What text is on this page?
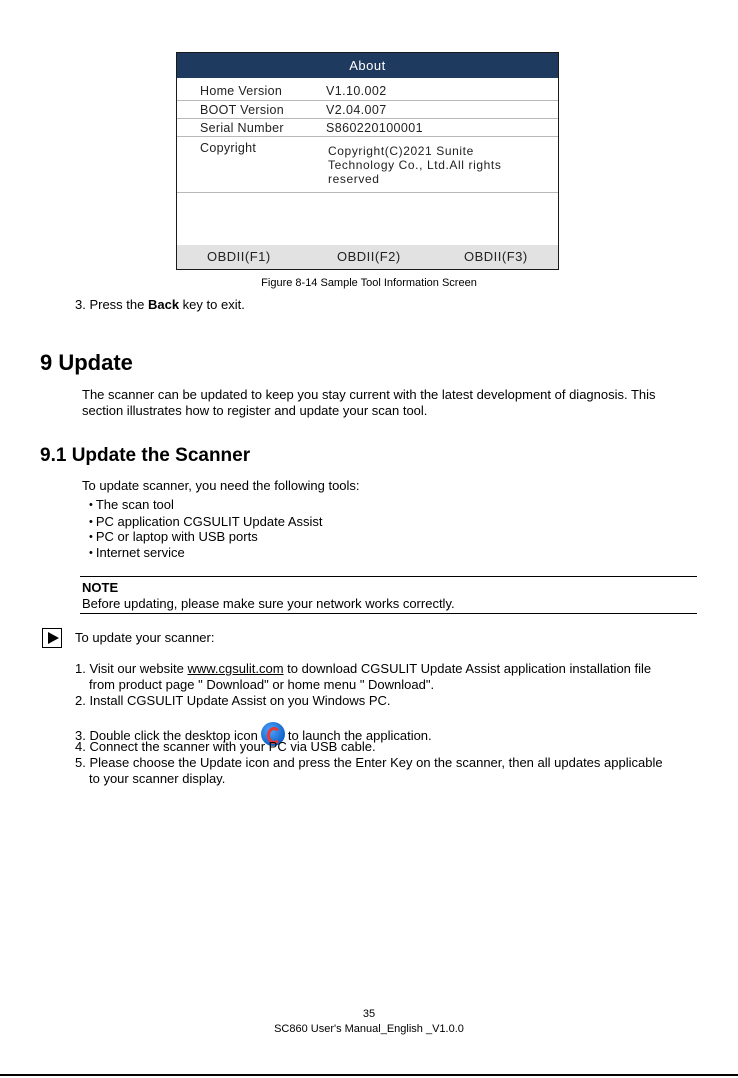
About
Home Version	V1.10.002
BOOT Version	V2.04.007
Serial Number	S860220100001
Copyright	Copyright(C)2021 Sunite Technology Co., Ltd.All rights reserved
OBDII(F1)	OBDII(F2)	OBDII(F3)
Figure 8-14 Sample Tool Information Screen
3. Press the Back key to exit.
9 Update
The scanner can be updated to keep you stay current with the latest development of diagnosis. This
section illustrates how to register and update your scan tool.
9.1 Update the Scanner
To update scanner, you need the following tools:
• The scan tool
• PC application CGSULIT Update Assist
• PC or laptop with USB ports
• Internet service
NOTE
Before updating, please make sure your network works correctly.
To update your scanner:
1. Visit our website www.cgsulit.com to download CGSULIT Update Assist application installation file
from product page " Download" or home menu " Download".
2. Install CGSULIT Update Assist on you Windows PC.
3. Double click the desktop icon to launch the application.
4. Connect the scanner with your PC via USB cable.
5. Please choose the Update icon and press the Enter Key on the scanner, then all updates applicable
to your scanner display.
35
SC860 User's Manual_English _V1.0.0
